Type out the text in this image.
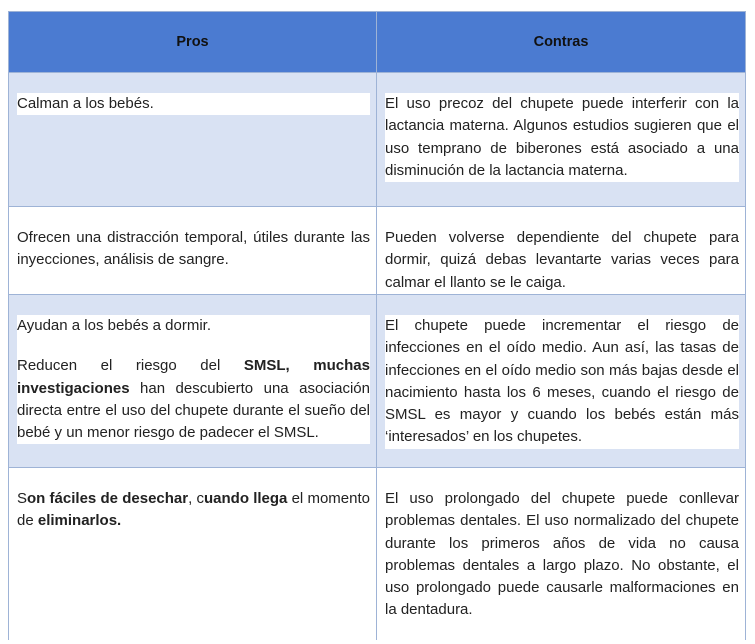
Pros	Contras

Calman a los bebés.	El uso precoz del chupete puede interferir con la lactancia materna. Algunos estudios sugieren que el uso temprano de biberones está asociado a una disminución de la lactancia materna.

Ofrecen una distracción temporal, útiles durante las inyecciones, análisis de sangre.

Pueden volverse dependiente del chupete para dormir, quizá debas levantarte varias veces para calmar el llanto se le caiga.

Ayudan a los bebés a dormir.

Reducen el riesgo del SMSL, muchas investigaciones han descubierto una asociación directa entre el uso del chupete durante el sueño del bebé y un menor riesgo de padecer el SMSL.

El chupete puede incrementar el riesgo de infecciones en el oído medio. Aun así, las tasas de infecciones en el oído medio son más bajas desde el nacimiento hasta los 6 meses, cuando el riesgo de SMSL es mayor y cuando los bebés están más ‘interesados’ en los chupetes.

Son fáciles de desechar, cuando llega el momento de eliminarlos.

El uso prolongado del chupete puede conllevar problemas dentales. El uso normalizado del chupete durante los primeros años de vida no causa problemas dentales a largo plazo. No obstante, el uso prolongado puede causarle malformaciones en la dentadura.
